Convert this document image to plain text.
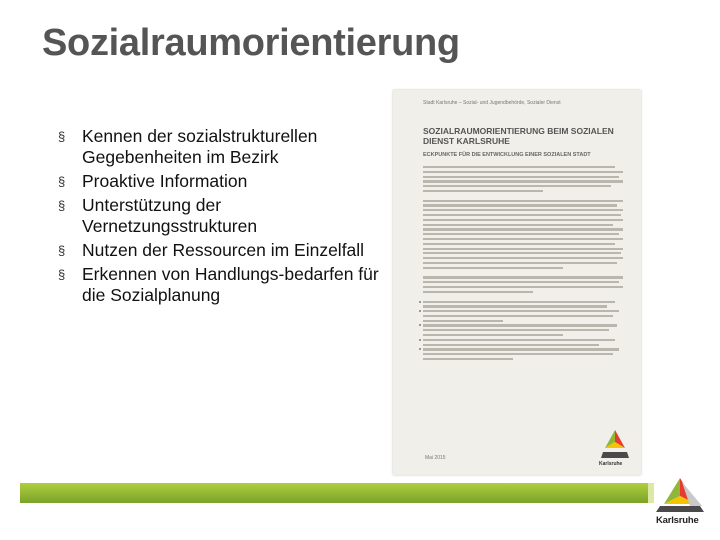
Sozialraumorientierung
§ Kennen der sozialstrukturellen Gegebenheiten im Bezirk
§ Proaktive Information
§ Unterstützung der Vernetzungsstrukturen
§ Nutzen der Ressourcen im Einzelfall
§ Erkennen von Handlungs-bedarfen für die Sozialplanung
Stadt Karlsruhe – Sozial- und Jugendbehörde, Sozialer Dienst
SOZIALRAUMORIENTIERUNG BEIM SOZIALEN DIENST KARLSRUHE
ECKPUNKTE FÜR DIE ENTWICKLUNG EINER SOZIALEN STADT
Karlsruhe
Mai 2015
Karlsruhe
